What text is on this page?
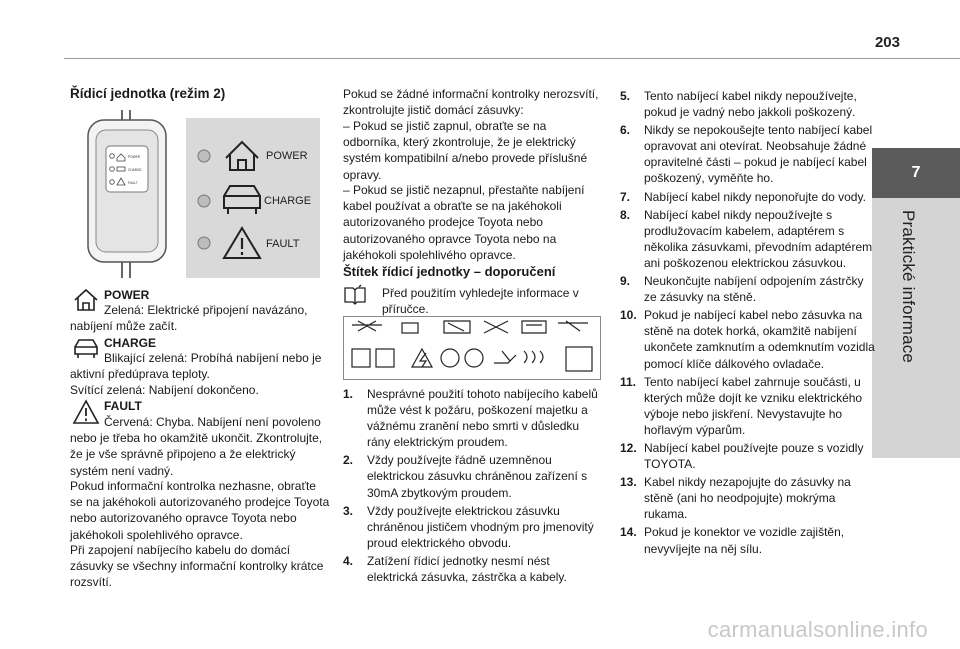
203
7
Praktické informace
Řídicí jednotka (režim 2)
POWER
CHARGE
FAULT
POWER
CHARGE
FAULT
POWER
Zelená: Elektrické připojení navázáno, nabíjení může začít.
CHARGE
Blikající zelená: Probíhá nabíjení nebo je aktivní předúprava teploty.
Svítící zelená: Nabíjení dokončeno.
FAULT
Červená: Chyba. Nabíjení není povoleno nebo je třeba ho okamžitě ukončit. Zkontrolujte, že je vše správně připojeno a že elektrický systém není vadný.
Pokud informační kontrolka nezhasne, obraťte se na jakéhokoli autorizovaného prodejce Toyota nebo autorizovaného opravce Toyota nebo jakéhokoli spolehlivého opravce.
Při zapojení nabíjecího kabelu do domácí zásuvky se všechny informační kontrolky krátce rozsvítí.
Pokud se žádné informační kontrolky nerozsvítí, zkontrolujte jistič domácí zásuvky:
– Pokud se jistič zapnul, obraťte se na odborníka, který zkontroluje, že je elektrický systém kompatibilní a/nebo provede příslušné opravy.
– Pokud se jistič nezapnul, přestaňte nabíjení kabel používat a obraťte se na jakéhokoli autorizovaného prodejce Toyota nebo autorizovaného opravce Toyota nebo na jakéhokoli spolehlivého opravce.
Štítek řídicí jednotky – doporučení
Před použitím vyhledejte informace v příručce.
1. Nesprávné použití tohoto nabíjecího kabelů může vést k požáru, poškození majetku a vážnému zranění nebo smrti v důsledku rány elektrickým proudem.
2. Vždy používejte řádně uzemněnou elektrickou zásuvku chráněnou zařízení s 30mA zbytkovým proudem.
3. Vždy používejte elektrickou zásuvku chráněnou jističem vhodným pro jmenovitý proud elektrického obvodu.
4. Zatížení řídicí jednotky nesmí nést elektrická zásuvka, zástrčka a kabely.
5. Tento nabíjecí kabel nikdy nepoužívejte, pokud je vadný nebo jakkoli poškozený.
6. Nikdy se nepokoušejte tento nabíjecí kabel opravovat ani otevírat. Neobsahuje žádné opravitelné části – pokud je nabíjecí kabel poškozený, vyměňte ho.
7. Nabíjecí kabel nikdy neponořujte do vody.
8. Nabíjecí kabel nikdy nepoužívejte s prodlužovacím kabelem, adaptérem s několika zásuvkami, převodním adaptérem ani poškozenou elektrickou zásuvkou.
9. Neukončujte nabíjení odpojením zástrčky ze zásuvky na stěně.
10. Pokud je nabíjecí kabel nebo zásuvka na stěně na dotek horká, okamžitě nabíjení ukončete zamknutím a odemknutím vozidla pomocí klíče dálkového ovladače.
11. Tento nabíjecí kabel zahrnuje součásti, u kterých může dojít ke vzniku elektrického výboje nebo jiskření. Nevystavujte ho hořlavým výparům.
12. Nabíjecí kabel používejte pouze s vozidly TOYOTA.
13. Kabel nikdy nezapojujte do zásuvky na stěně (ani ho neodpojujte) mokrýma rukama.
14. Pokud je konektor ve vozidle zajištěn, nevyvíjejte na něj sílu.
carmanualsonline.info
